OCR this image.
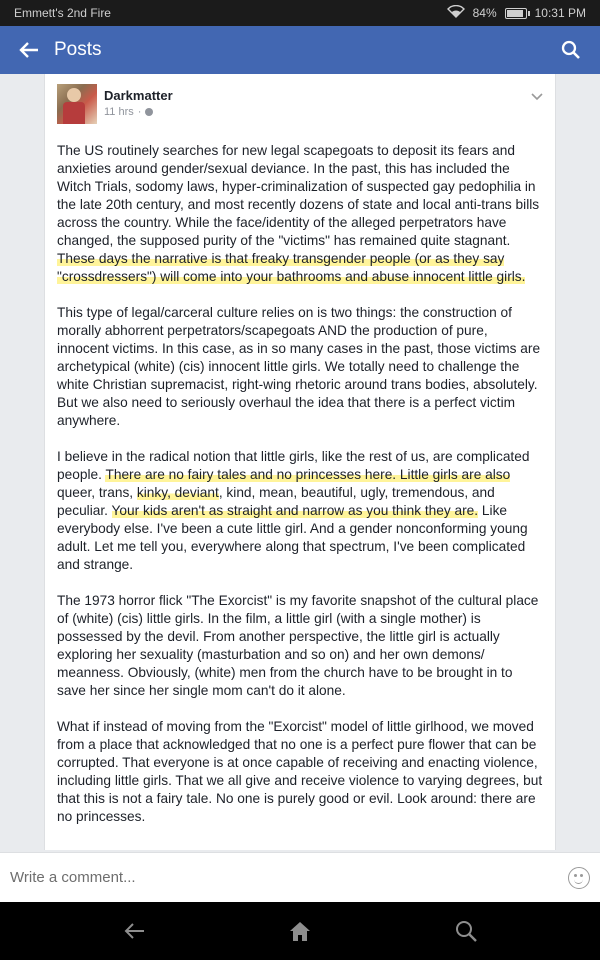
Emmett's 2nd Fire	84%	10:31 PM
Posts
Darkmatter
11 hrs ·

The US routinely searches for new legal scapegoats to deposit its fears and anxieties around gender/sexual deviance. In the past, this has included the Witch Trials, sodomy laws, hyper-criminalization of suspected gay pedophilia in the late 20th century, and most recently dozens of state and local anti-trans bills across the country. While the face/identity of the alleged perpetrators have changed, the supposed purity of the "victims" has remained quite stagnant. These days the narrative is that freaky transgender people (or as they say "crossdressers") will come into your bathrooms and abuse innocent little girls.

This type of legal/carceral culture relies on is two things: the construction of morally abhorrent perpetrators/scapegoats AND the production of pure, innocent victims. In this case, as in so many cases in the past, those victims are archetypical (white) (cis) innocent little girls. We totally need to challenge the white Christian supremacist, right-wing rhetoric around trans bodies, absolutely. But we also need to seriously overhaul the idea that there is a perfect victim anywhere.

I believe in the radical notion that little girls, like the rest of us, are complicated people. There are no fairy tales and no princesses here. Little girls are also queer, trans, kinky, deviant, kind, mean, beautiful, ugly, tremendous, and peculiar. Your kids aren't as straight and narrow as you think they are. Like everybody else. I've been a cute little girl. And a gender nonconforming young adult. Let me tell you, everywhere along that spectrum, I've been complicated and strange.

The 1973 horror flick "The Exorcist" is my favorite snapshot of the cultural place of (white) (cis) little girls. In the film, a little girl (with a single mother) is possessed by the devil. From another perspective, the little girl is actually exploring her sexuality (masturbation and so on) and her own demons/ meanness. Obviously, (white) men from the church have to be brought in to save her since her single mom can't do it alone.

What if instead of moving from the "Exorcist" model of little girlhood, we moved from a place that acknowledged that no one is a perfect pure flower that can be corrupted. That everyone is at once capable of receiving and enacting violence, including little girls. That we all give and receive violence to varying degrees, but that this is not a fairy tale. No one is purely good or evil. Look around: there are no princesses.

Write a comment...
